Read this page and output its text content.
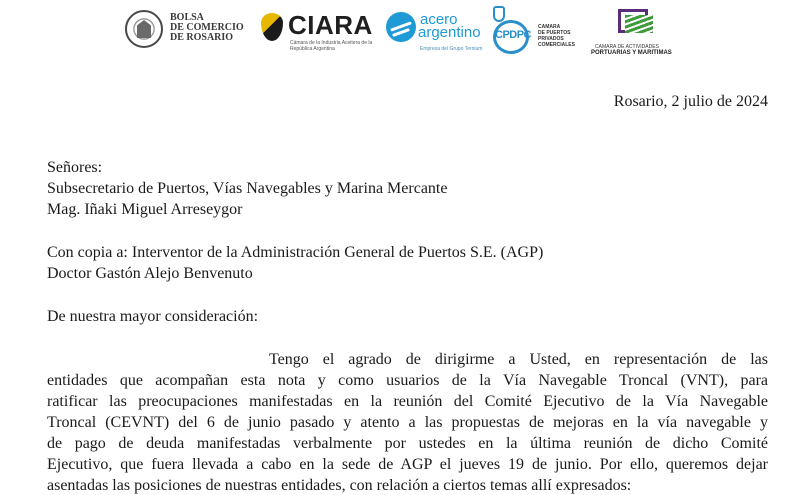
BOLSA
DE COMERCIO
DE ROSARIO	CIARA
Cámara de la Industria Aceitera de la República Argentina
acero
argentino
Empresa del Grupo Ternium
CPDPC
CAMARA
DE PUERTOS
PRIVADOS
COMERCIALES	CAMARA DE ACTIVIDADES
PORTUARIAS Y MARITIMAS
Rosario, 2 julio de 2024
Señores:
Subsecretario de Puertos, Vías Navegables y Marina Mercante
Mag. Iñaki Miguel Arreseygor
Con copia a: Interventor de la Administración General de Puertos S.E. (AGP)
Doctor Gastón Alejo Benvenuto
De nuestra mayor consideración:
Tengo el agrado de dirigirme a Usted, en representación de las
entidades que acompañan esta nota y como usuarios de la Vía Navegable Troncal (VNT), para
ratificar las preocupaciones manifestadas en la reunión del Comité Ejecutivo de la Vía Navegable
Troncal (CEVNT) del 6 de junio pasado y atento a las propuestas de mejoras en la vía navegable y
de pago de deuda manifestadas verbalmente por ustedes en la última reunión de dicho Comité
Ejecutivo, que fuera llevada a cabo en la sede de AGP el jueves 19 de junio. Por ello, queremos dejar
asentadas las posiciones de nuestras entidades, con relación a ciertos temas allí expresados:
